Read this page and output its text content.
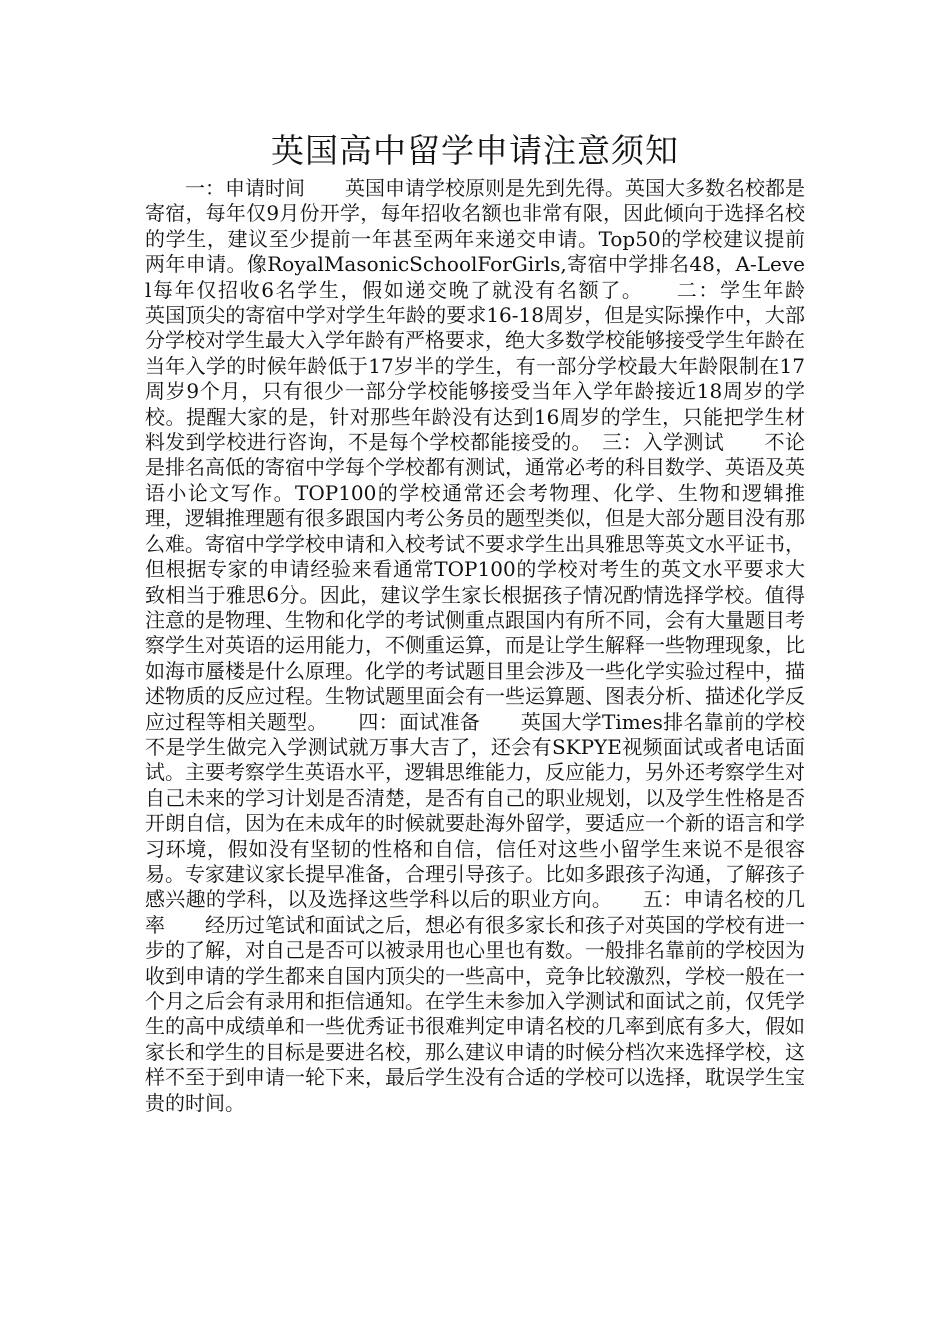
英国高中留学申请注意须知

一：申请时间　　英国申请学校原则是先到先得。英国大多数名校都是寄宿，每年仅9月份开学，每年招收名额也非常有限，因此倾向于选择名校的学生，建议至少提前一年甚至两年来递交申请。Top50的学校建议提前两年申请。像RoyalMasonicSchoolForGirls,寄宿中学排名48，A-Level每年仅招收6名学生，假如递交晚了就没有名额了。　　二：学生年龄　　英国顶尖的寄宿中学对学生年龄的要求16-18周岁，但是实际操作中，大部分学校对学生最大入学年龄有严格要求，绝大多数学校能够接受学生年龄在当年入学的时候年龄低于17岁半的学生，有一部分学校最大年龄限制在17周岁9个月，只有很少一部分学校能够接受当年入学年龄接近18周岁的学校。提醒大家的是，针对那些年龄没有达到16周岁的学生，只能把学生材料发到学校进行咨询，不是每个学校都能接受的。　三：入学测试　　不论是排名高低的寄宿中学每个学校都有测试，通常必考的科目数学、英语及英语小论文写作。TOP100的学校通常还会考物理、化学、生物和逻辑推理，逻辑推理题有很多跟国内考公务员的题型类似，但是大部分题目没有那么难。寄宿中学学校申请和入校考试不要求学生出具雅思等英文水平证书，但根据专家的申请经验来看通常TOP100的学校对考生的英文水平要求大致相当于雅思6分。因此，建议学生家长根据孩子情况酌情选择学校。值得注意的是物理、生物和化学的考试侧重点跟国内有所不同，会有大量题目考察学生对英语的运用能力，不侧重运算，而是让学生解释一些物理现象，比如海市蜃楼是什么原理。化学的考试题目里会涉及一些化学实验过程中，描述物质的反应过程。生物试题里面会有一些运算题、图表分析、描述化学反应过程等相关题型。　　四：面试准备　　英国大学Times排名靠前的学校不是学生做完入学测试就万事大吉了，还会有SKPYE视频面试或者电话面试。主要考察学生英语水平，逻辑思维能力，反应能力，另外还考察学生对自己未来的学习计划是否清楚，是否有自己的职业规划，以及学生性格是否开朗自信，因为在未成年的时候就要赴海外留学，要适应一个新的语言和学习环境，假如没有坚韧的性格和自信，信任对这些小留学生来说不是很容易。专家建议家长提早准备，合理引导孩子。比如多跟孩子沟通，了解孩子感兴趣的学科，以及选择这些学科以后的职业方向。　　五：申请名校的几率　　经历过笔试和面试之后，想必有很多家长和孩子对英国的学校有进一步的了解，对自己是否可以被录用也心里也有数。一般排名靠前的学校因为收到申请的学生都来自国内顶尖的一些高中，竞争比较激烈，学校一般在一个月之后会有录用和拒信通知。在学生未参加入学测试和面试之前，仅凭学生的高中成绩单和一些优秀证书很难判定申请名校的几率到底有多大，假如家长和学生的目标是要进名校，那么建议申请的时候分档次来选择学校，这样不至于到申请一轮下来，最后学生没有合适的学校可以选择，耽误学生宝贵的时间。
